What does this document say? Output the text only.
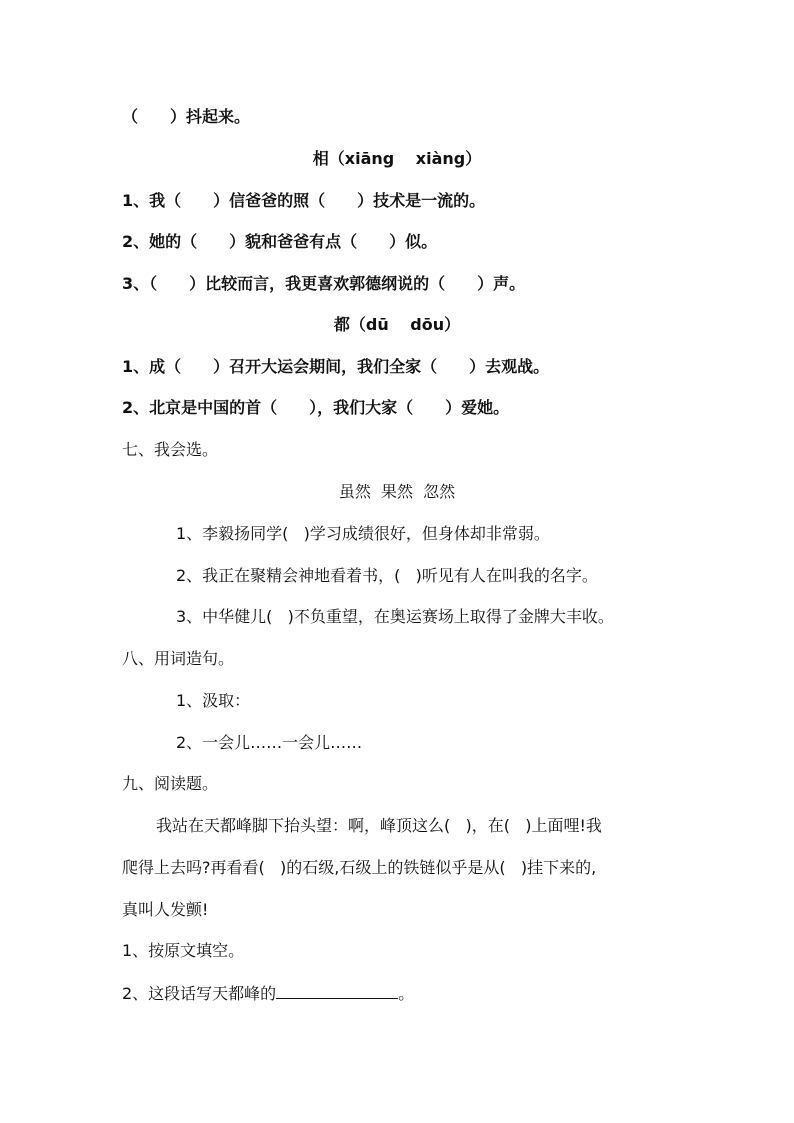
（　　）抖起来。
相（xiāng　 xiàng）
1、我（　　）信爸爸的照（　　）技术是一流的。
2、她的（　　）貌和爸爸有点（　　）似。
3、（　　）比较而言，我更喜欢郭德纲说的（　　）声。
都（dū　 dōu）
1、成（　　）召开大运会期间，我们全家（　　）去观战。
2、北京是中国的首（　　），我们大家（　　）爱她。
七、我会选。
虽然  果然  忽然
1、李毅扬同学(   )学习成绩很好，但身体却非常弱。
2、我正在聚精会神地看着书，(   )听见有人在叫我的名字。
3、中华健儿(   )不负重望，在奥运赛场上取得了金牌大丰收。
八、用词造句。
1、汲取：
2、一会儿……一会儿……
九、阅读题。
我站在天都峰脚下抬头望：啊，峰顶这么(   )，在(   )上面哩!我
爬得上去吗?再看看(   )的石级,石级上的铁链似乎是从(   )挂下来的,
真叫人发颤!
1、按原文填空。
2、这段话写天都峰的	。
